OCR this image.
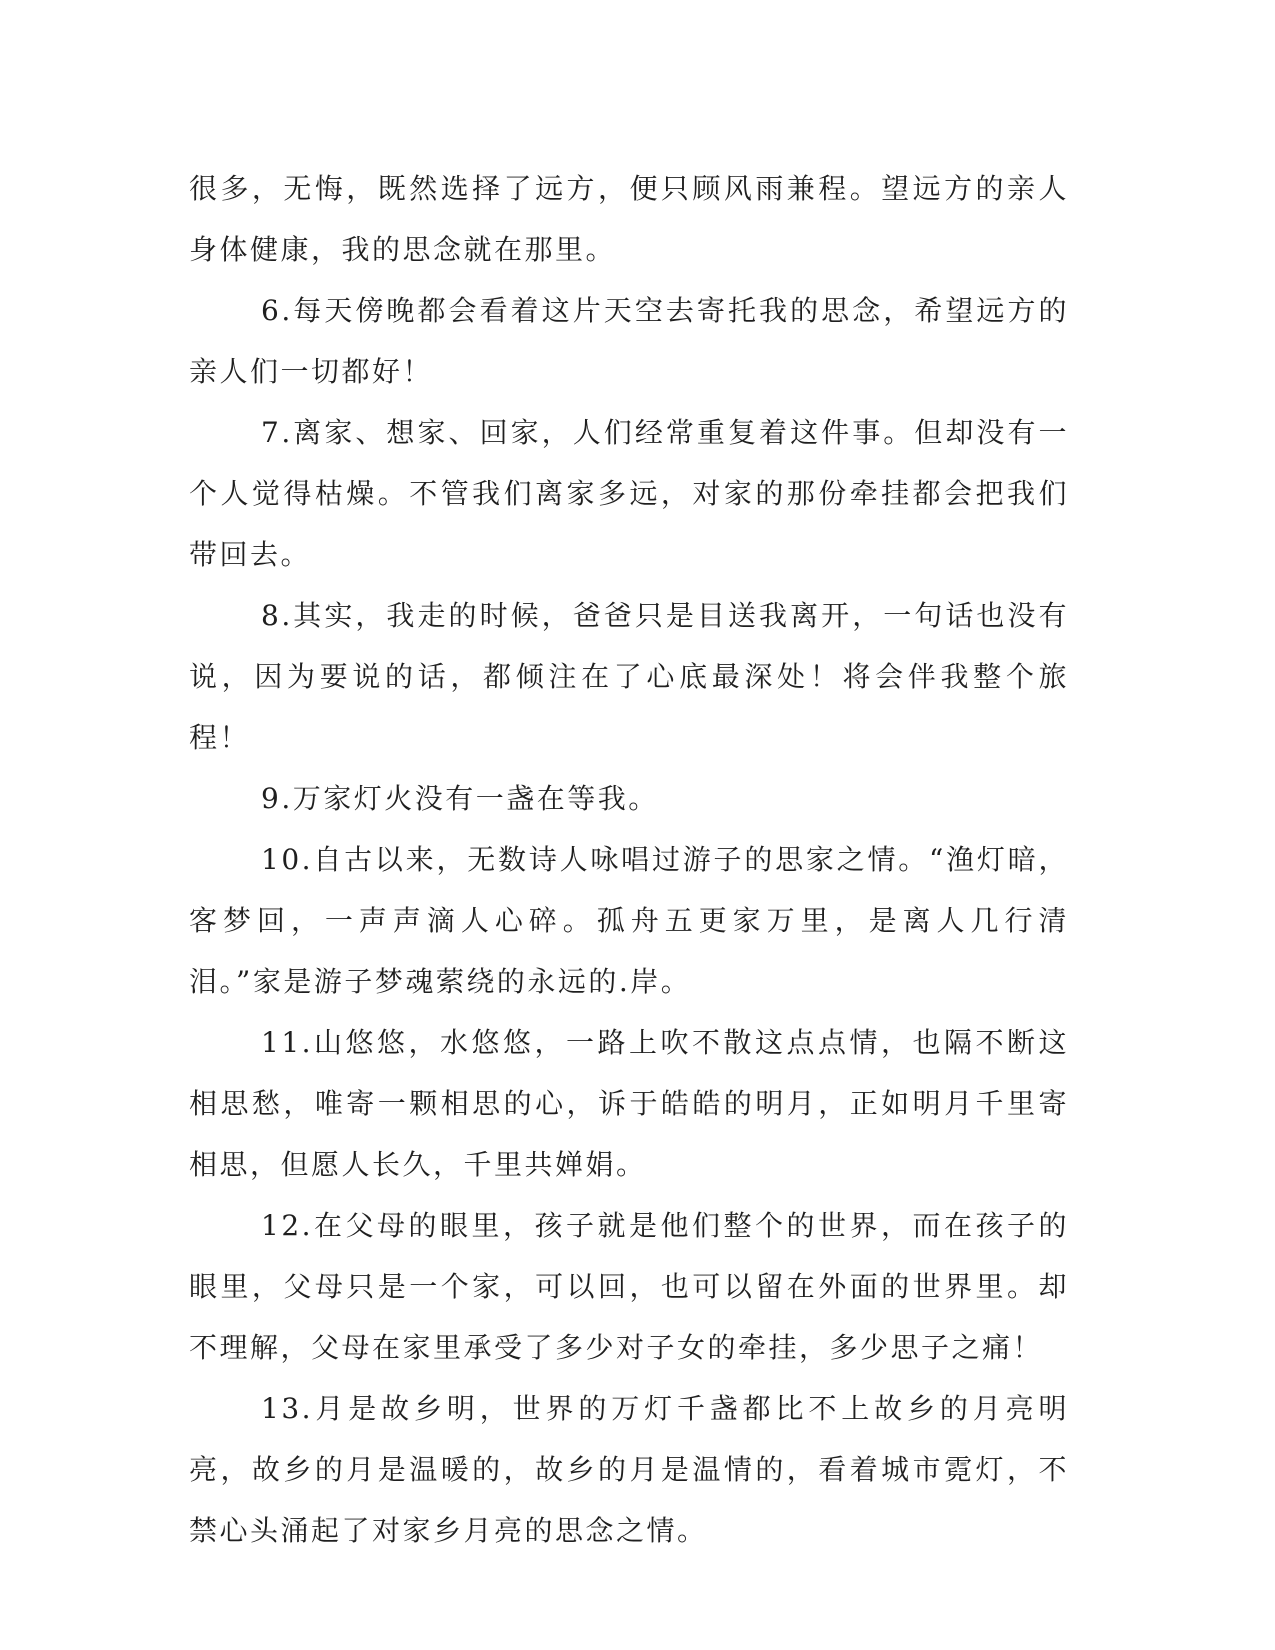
很多，无悔，既然选择了远方，便只顾风雨兼程。望远方的亲人身体健康，我的思念就在那里。

6.每天傍晚都会看着这片天空去寄托我的思念，希望远方的亲人们一切都好！

7.离家、想家、回家，人们经常重复着这件事。但却没有一个人觉得枯燥。不管我们离家多远，对家的那份牵挂都会把我们带回去。

8.其实，我走的时候，爸爸只是目送我离开，一句话也没有说，因为要说的话，都倾注在了心底最深处！将会伴我整个旅程！

9.万家灯火没有一盏在等我。

10.自古以来，无数诗人咏唱过游子的思家之情。“渔灯暗，客梦回，一声声滴人心碎。孤舟五更家万里，是离人几行清泪。”家是游子梦魂萦绕的永远的.岸。

11.山悠悠，水悠悠，一路上吹不散这点点情，也隔不断这相思愁，唯寄一颗相思的心，诉于皓皓的明月，正如明月千里寄相思，但愿人长久，千里共婵娟。

12.在父母的眼里，孩子就是他们整个的世界，而在孩子的眼里，父母只是一个家，可以回，也可以留在外面的世界里。却不理解，父母在家里承受了多少对子女的牵挂，多少思子之痛！

13.月是故乡明，世界的万灯千盏都比不上故乡的月亮明亮，故乡的月是温暖的，故乡的月是温情的，看着城市霓灯，不禁心头涌起了对家乡月亮的思念之情。
